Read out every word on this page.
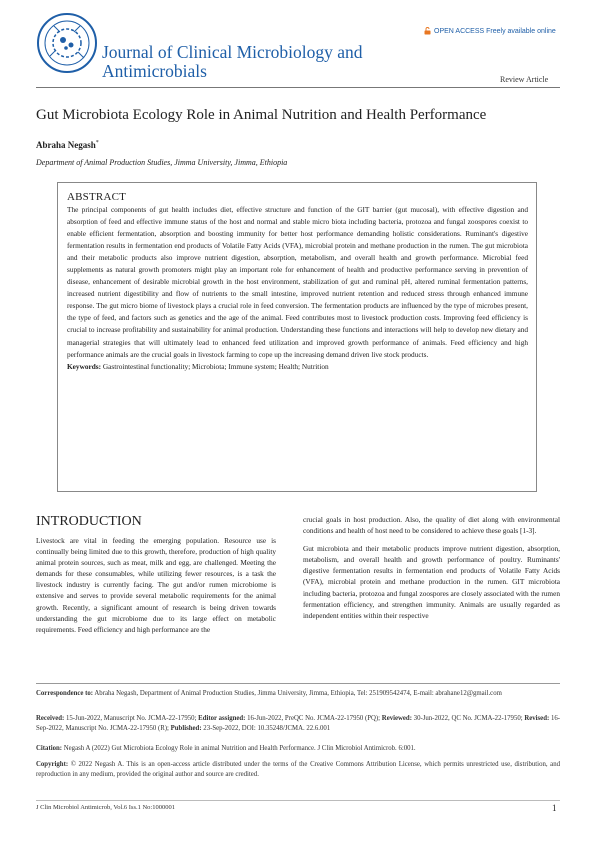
Journal of Clinical Microbiology and
Antimicrobials
OPEN ACCESS Freely available online
Review Article
Gut Microbiota Ecology Role in Animal Nutrition and Health Performance
Abraha Negash*
Department of Animal Production Studies, Jimma University, Jimma, Ethiopia
ABSTRACT

The principal components of gut health includes diet, effective structure and function of the GIT barrier (gut mucosal), with effective digestion and absorption of feed and effective immune status of the host and normal and stable micro biota including bacteria, protozoa and fungal zoospores coexist to enable efficient fermentation, absorption and boosting immunity for better host performance demanding holistic considerations. Ruminant's digestive fermentation results in fermentation end products of Volatile Fatty Acids (VFA), microbial protein and methane production in the rumen. The gut microbiota and their metabolic products also improve nutrient digestion, absorption, metabolism, and overall health and growth performance. Microbial feed supplements as natural growth promoters might play an important role for enhancement of health and productive performance serving in prevention of disease, enhancement of desirable microbial growth in the host environment, stabilization of gut and ruminal pH, altered ruminal fermentation patterns, increased nutrient digestibility and flow of nutrients to the small intestine, improved nutrient retention and reduced stress through enhanced immune response. The gut micro biome of livestock plays a crucial role in feed conversion. The fermentation products are influenced by the type of microbes present, the type of feed, and factors such as genetics and the age of the animal. Feed contributes most to livestock production costs. Improving feed efficiency is crucial to increase profitability and sustainability for animal production. Understanding these functions and interactions will help to develop new dietary and managerial strategies that will ultimately lead to enhanced feed utilization and improved growth performance of animals. Feed efficiency and high performance animals are the crucial goals in livestock farming to cope up the increasing demand driven live stock products.

Keywords: Gastrointestinal functionality; Microbiota; Immune system; Health; Nutrition
INTRODUCTION

Livestock are vital in feeding the emerging population. Resource use is continually being limited due to this growth, therefore, production of high quality animal protein sources, such as meat, milk and egg, are challenged. Meeting the demands for these consumables, while utilizing fewer resources, is a task the livestock industry is currently facing. The gut and/or rumen microbiome is extensive and serves to provide several metabolic requirements for the animal growth. Recently, a significant amount of research is being driven towards understanding the gut microbiome due to its large effect on metabolic requirements. Feed efficiency and high performance are the

crucial goals in host production. Also, the quality of diet along with environmental conditions and health of host need to be considered to achieve these goals [1-3].

Gut microbiota and their metabolic products improve nutrient digestion, absorption, metabolism, and overall health and growth performance of poultry. Ruminants' digestive fermentation results in fermentation end products of Volatile Fatty Acids (VFA), microbial protein and methane production in the rumen. GIT microbiota including bacteria, protozoa and fungal zoospores are closely associated with the rumen fermentation efficiency, and strengthen immunity. Animals are usually regarded as independent entities within their respective

Correspondence to: Abraha Negash, Department of Animal Production Studies, Jimma University, Jimma, Ethiopia, Tel: 251909542474, E-mail: abrahane12@gmail.com
Received: 15-Jun-2022, Manuscript No. JCMA-22-17950; Editor assigned: 16-Jun-2022, PreQC No. JCMA-22-17950 (PQ); Reviewed: 30-Jun-2022, QC No. JCMA-22-17950; Revised: 16-Sep-2022, Manuscript No. JCMA-22-17950 (R); Published: 23-Sep-2022, DOI: 10.35248/JCMA. 22.6.001
Citation: Negash A (2022) Gut Microbiota Ecology Role in animal Nutrition and Health Performance. J Clin Microbiol Antimicrob. 6:001.
Copyright: © 2022 Negash A. This is an open-access article distributed under the terms of the Creative Commons Attribution License, which permits unrestricted use, distribution, and reproduction in any medium, provided the original author and source are credited.
J Clin Microbiol Antimicrob, Vol.6 Iss.1 No:1000001	1
